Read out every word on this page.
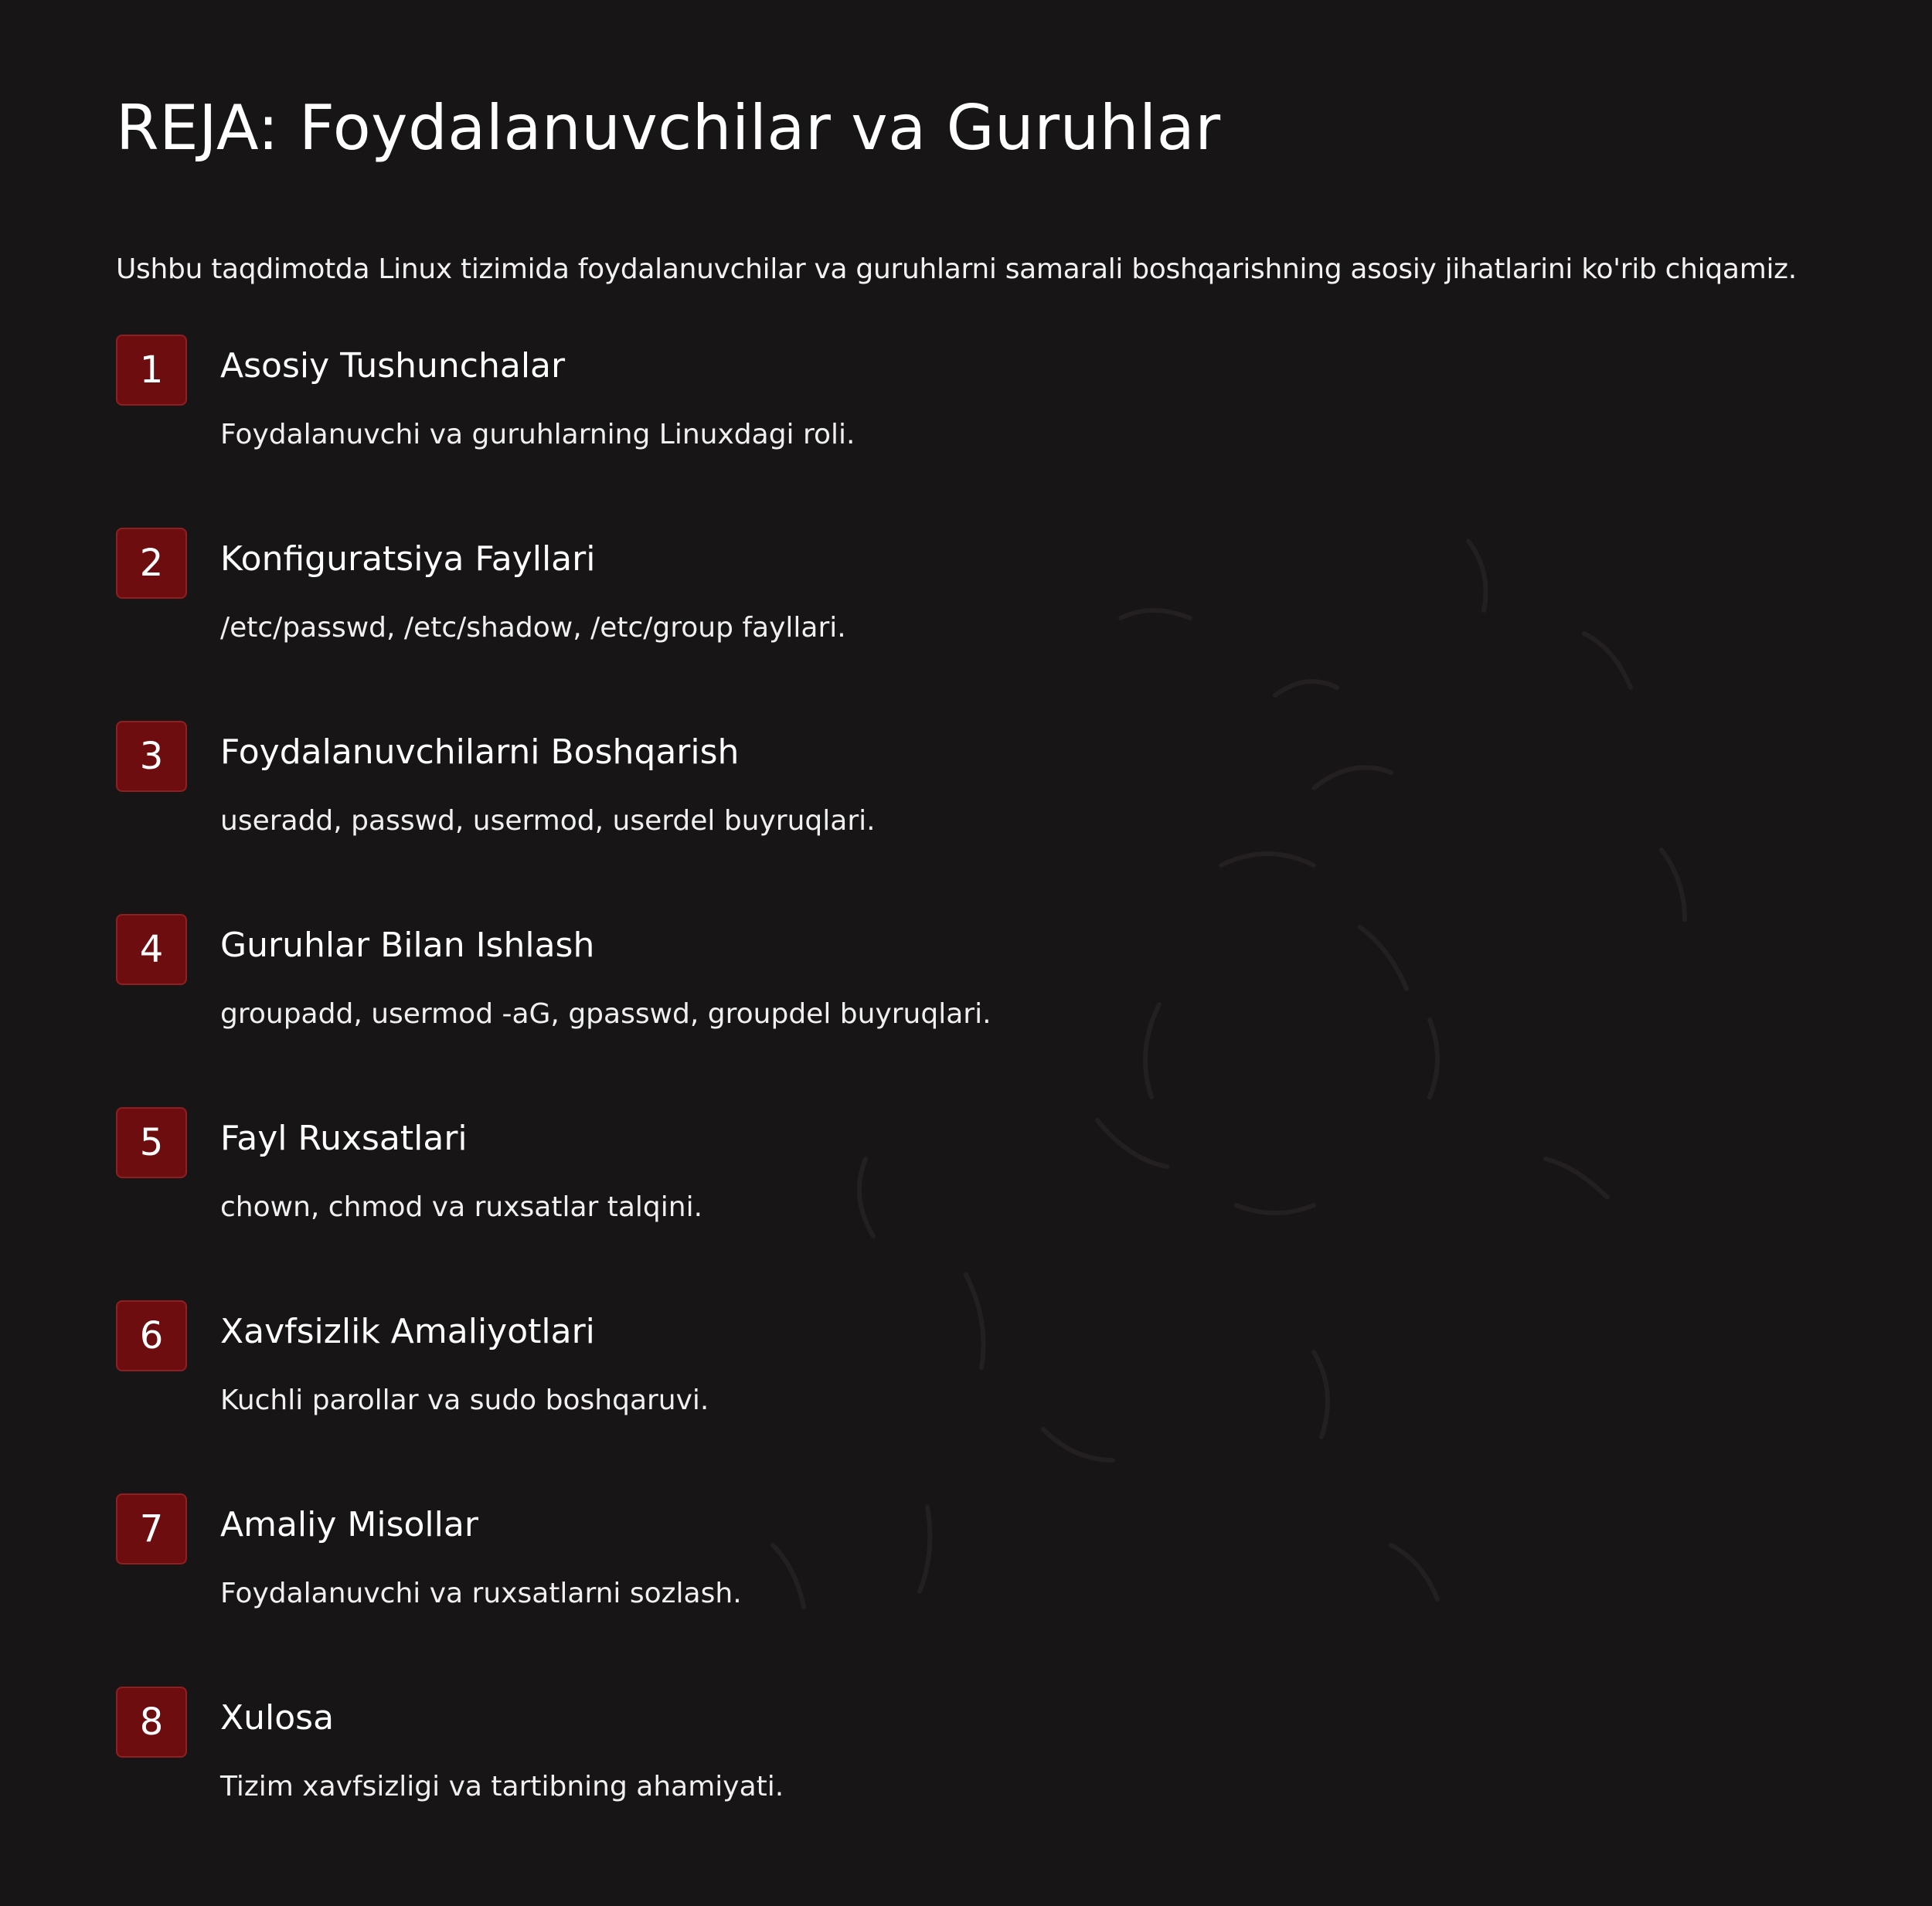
REJA: Foydalanuvchilar va Guruhlar

Ushbu taqdimotda Linux tizimida foydalanuvchilar va guruhlarni samarali boshqarishning asosiy jihatlarini ko'rib chiqamiz.

1	Asosiy Tushunchalar

Foydalanuvchi va guruhlarning Linuxdagi roli.

2	Konfiguratsiya Fayllari

/etc/passwd, /etc/shadow, /etc/group fayllari.

3	Foydalanuvchilarni Boshqarish

useradd, passwd, usermod, userdel buyruqlari.

4	Guruhlar Bilan Ishlash

groupadd, usermod -aG, gpasswd, groupdel buyruqlari.

5	Fayl Ruxsatlari

chown, chmod va ruxsatlar talqini.

6	Xavfsizlik Amaliyotlari

Kuchli parollar va sudo boshqaruvi.

7	Amaliy Misollar

Foydalanuvchi va ruxsatlarni sozlash.

8	Xulosa

Tizim xavfsizligi va tartibning ahamiyati.
